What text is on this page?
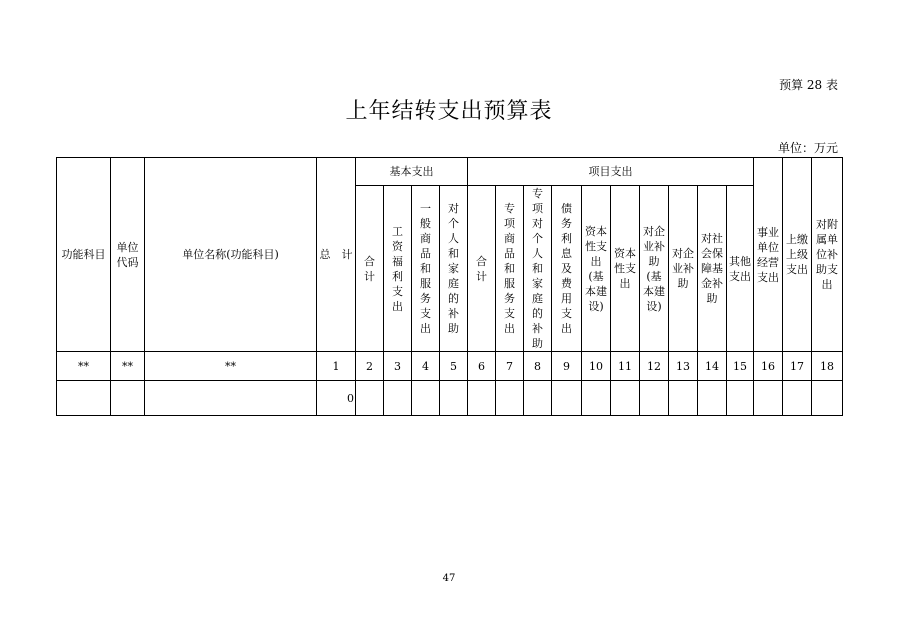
预算 28 表
上年结转支出预算表
单位：万元
功能科目	单位代码	单位名称(功能科目)	总　计	基本支出				项目支出										事业单位经营支出	上缴上级支出	对附属单位补助支出
				合计	工资福利支出	一般商品和服务支出	对个人和家庭的补助	合计	专项商品和服务支出	专项对个人和家庭的补助	债务利息及费用支出	资本性支出(基本建设)	资本性支出	对企业补助(基本建设)	对企业补助	对社会保障基金补助	其他支出			
**	**	**	1	2	3	4	5	6	7	8	9	10	11	12	13	14	15	16	17	18
			0																	
47
